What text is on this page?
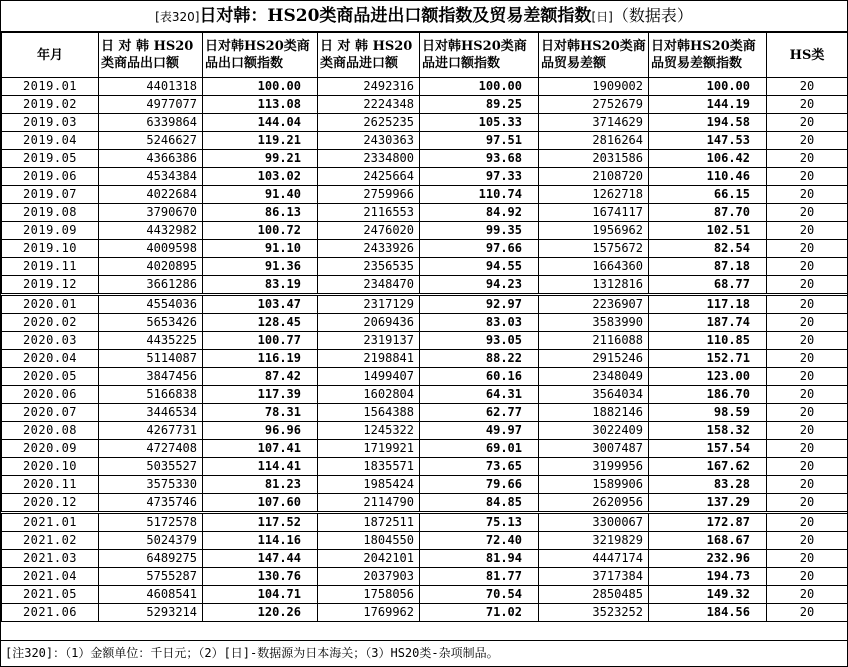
[表320]日对韩：HS20类商品进出口额指数及贸易差额指数[日]（数据表）
年月	日 对 韩 HS20类商品出口额	日对韩HS20类商品出口额指数	日 对 韩 HS20类商品进口额	日对韩HS20类商品进口额指数	日对韩HS20类商品贸易差额	日对韩HS20类商品贸易差额指数	HS类
2019.01	4401318	100.00	2492316	100.00	1909002	100.00	20
2019.02	4977077	113.08	2224348	89.25	2752679	144.19	20
2019.03	6339864	144.04	2625235	105.33	3714629	194.58	20
2019.04	5246627	119.21	2430363	97.51	2816264	147.53	20
2019.05	4366386	99.21	2334800	93.68	2031586	106.42	20
2019.06	4534384	103.02	2425664	97.33	2108720	110.46	20
2019.07	4022684	91.40	2759966	110.74	1262718	66.15	20
2019.08	3790670	86.13	2116553	84.92	1674117	87.70	20
2019.09	4432982	100.72	2476020	99.35	1956962	102.51	20
2019.10	4009598	91.10	2433926	97.66	1575672	82.54	20
2019.11	4020895	91.36	2356535	94.55	1664360	87.18	20
2019.12	3661286	83.19	2348470	94.23	1312816	68.77	20
2020.01	4554036	103.47	2317129	92.97	2236907	117.18	20
2020.02	5653426	128.45	2069436	83.03	3583990	187.74	20
2020.03	4435225	100.77	2319137	93.05	2116088	110.85	20
2020.04	5114087	116.19	2198841	88.22	2915246	152.71	20
2020.05	3847456	87.42	1499407	60.16	2348049	123.00	20
2020.06	5166838	117.39	1602804	64.31	3564034	186.70	20
2020.07	3446534	78.31	1564388	62.77	1882146	98.59	20
2020.08	4267731	96.96	1245322	49.97	3022409	158.32	20
2020.09	4727408	107.41	1719921	69.01	3007487	157.54	20
2020.10	5035527	114.41	1835571	73.65	3199956	167.62	20
2020.11	3575330	81.23	1985424	79.66	1589906	83.28	20
2020.12	4735746	107.60	2114790	84.85	2620956	137.29	20
2021.01	5172578	117.52	1872511	75.13	3300067	172.87	20
2021.02	5024379	114.16	1804550	72.40	3219829	168.67	20
2021.03	6489275	147.44	2042101	81.94	4447174	232.96	20
2021.04	5755287	130.76	2037903	81.77	3717384	194.73	20
2021.05	4608541	104.71	1758056	70.54	2850485	149.32	20
2021.06	5293214	120.26	1769962	71.02	3523252	184.56	20
[注320]：（1）金额单位：千日元；（2）[日]-数据源为日本海关；（3）HS20类-杂项制品。
